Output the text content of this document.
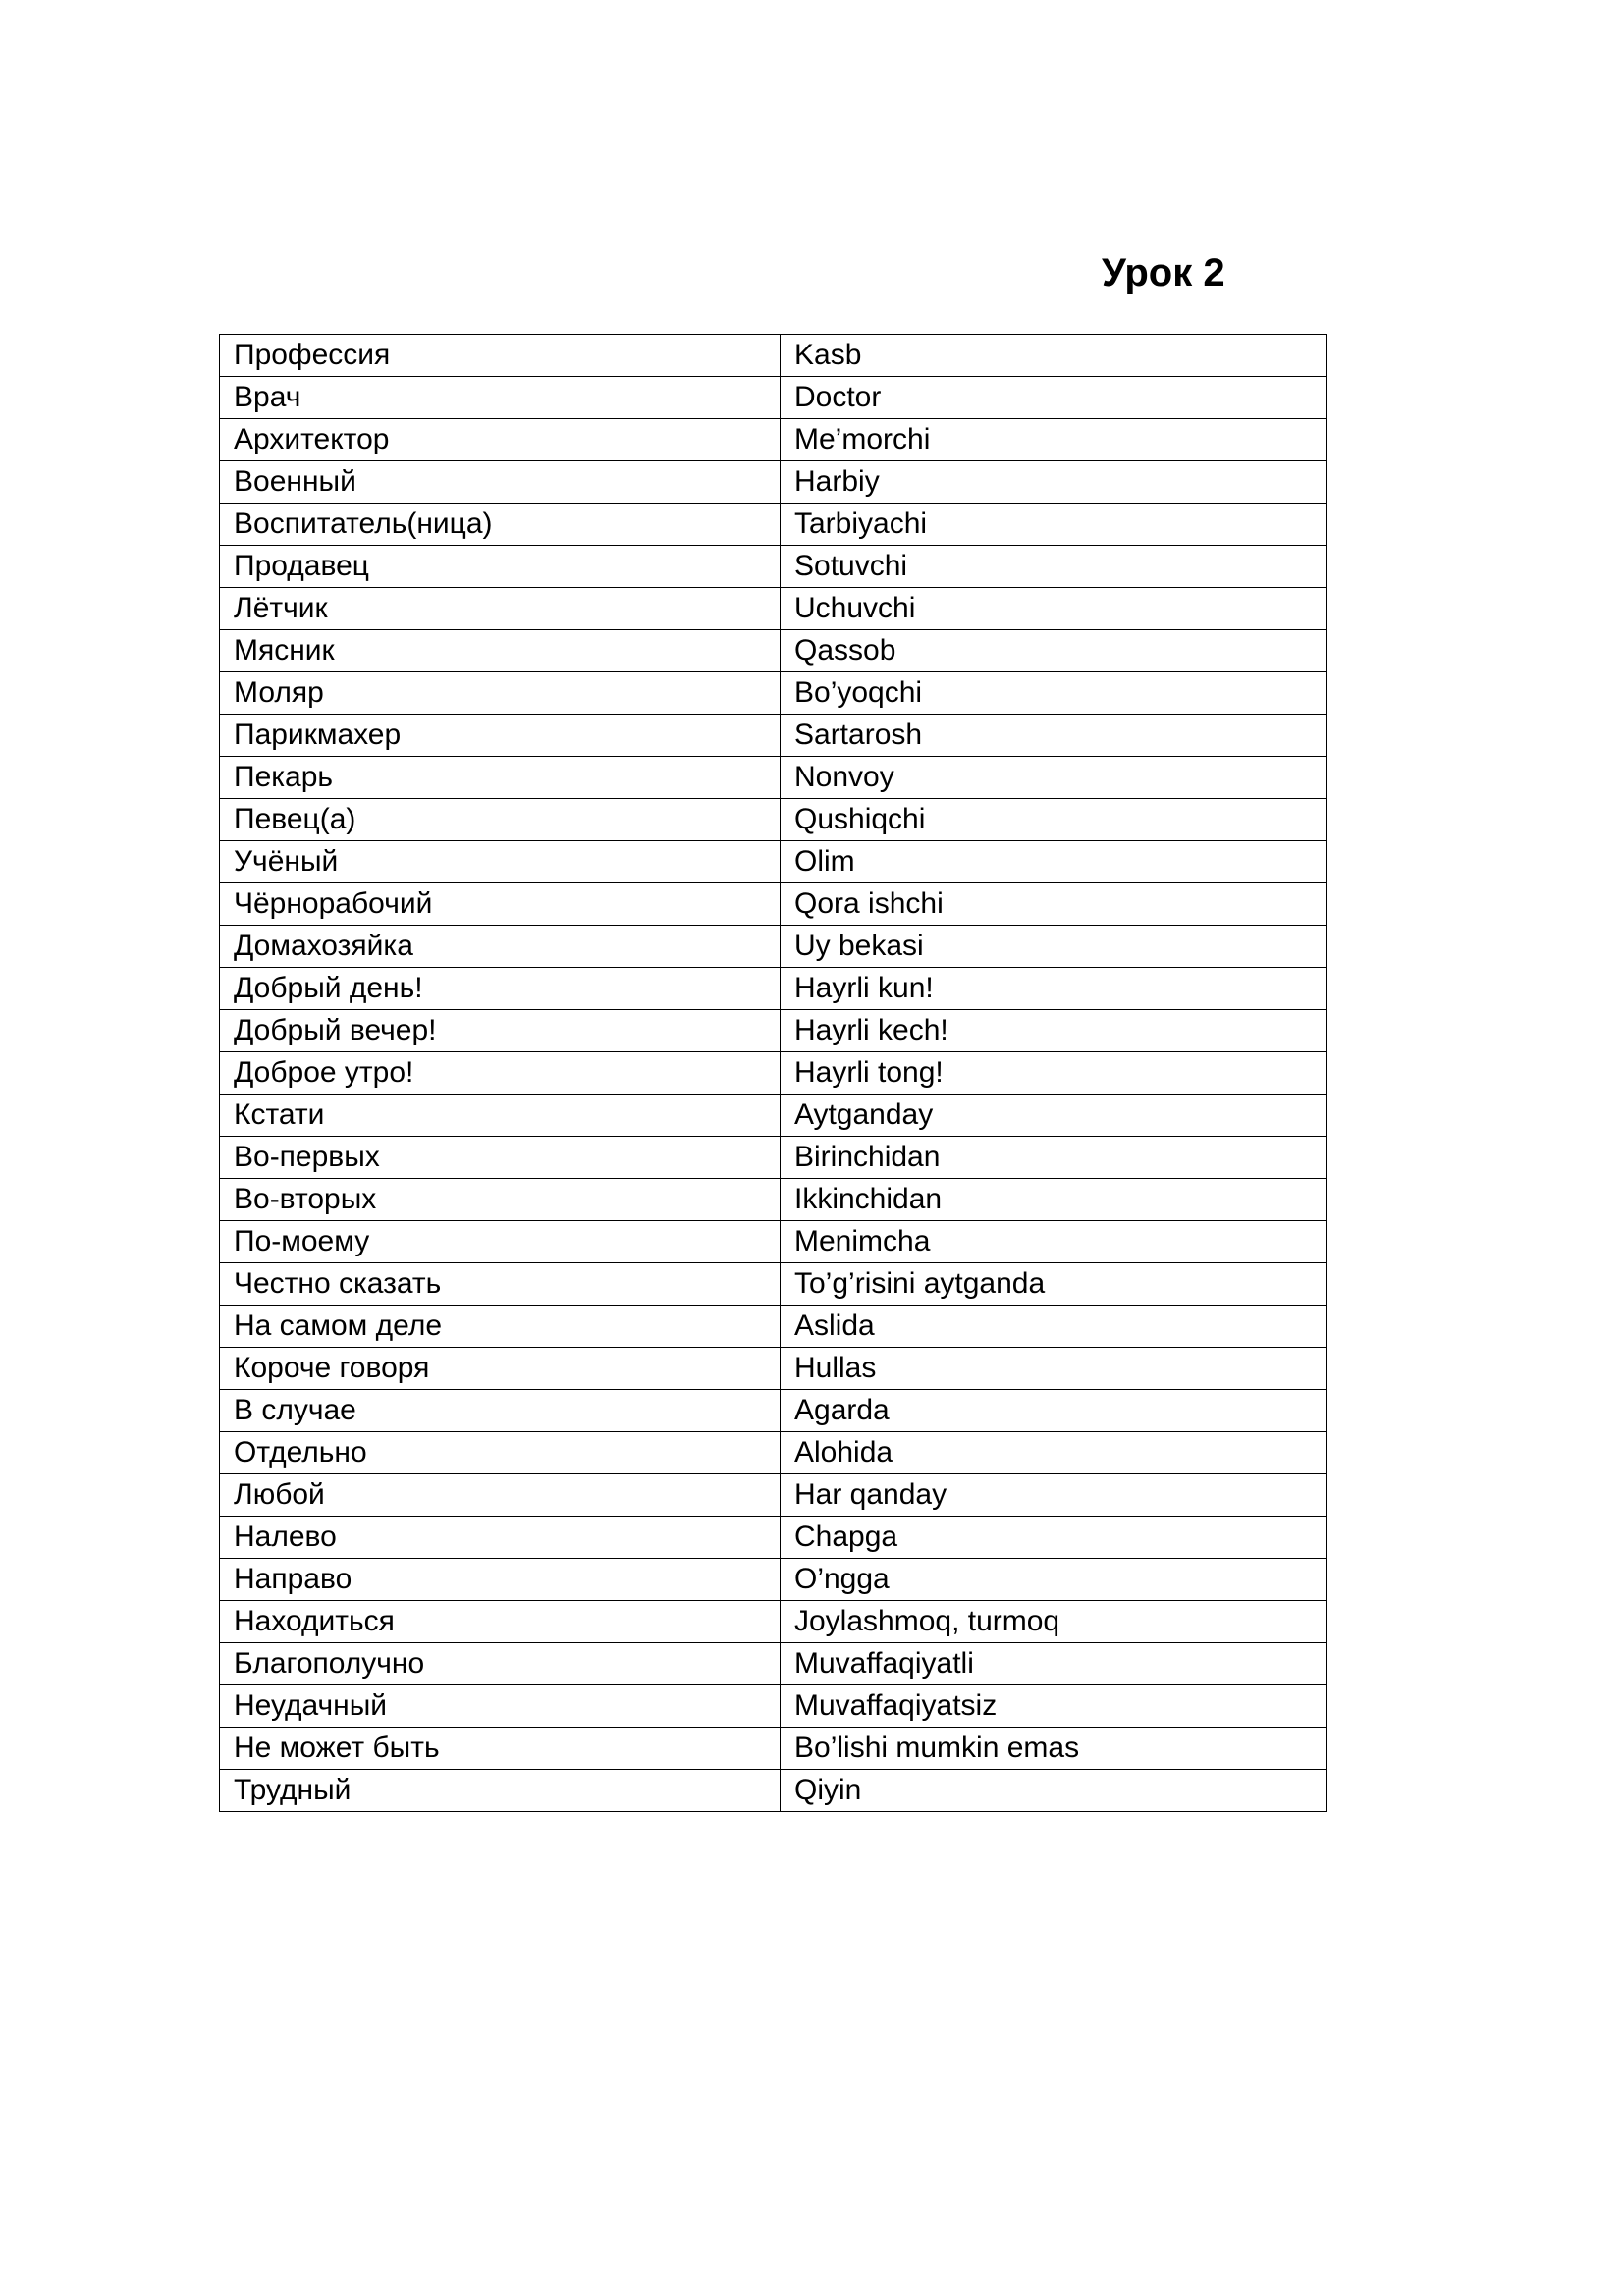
Урок 2
Профессия	Kasb
Врач	Doctor
Архитектор	Me’morchi
Военный	Harbiy
Воспитатель(ница)	Tarbiyachi
Продавец	Sotuvchi
Лётчик	Uchuvchi
Мясник	Qassob
Моляр	Bo’yoqchi
Парикмахер	Sartarosh
Пекарь	Nonvoy
Певец(а)	Qushiqchi
Учёный	Olim
Чёрнорабочий	Qora ishchi
Домахозяйка	Uy bekasi
Добрый день!	Hayrli kun!
Добрый вечер!	Hayrli kech!
Доброе утро!	Hayrli tong!
Кстати	Aytganday
Во-первых	Birinchidan
Во-вторых	Ikkinchidan
По-моему	Menimcha
Честно сказать	To’g’risini aytganda
На самом деле	Aslida
Короче говоря	Hullas
В случае	Agarda
Отдельно	Alohida
Любой	Har qanday
Налево	Chapga
Направо	O’ngga
Находиться	Joylashmoq, turmoq
Благополучно	Muvaffaqiyatli
Неудачный	Muvaffaqiyatsiz
Не может быть	Bo’lishi mumkin emas
Трудный	Qiyin
